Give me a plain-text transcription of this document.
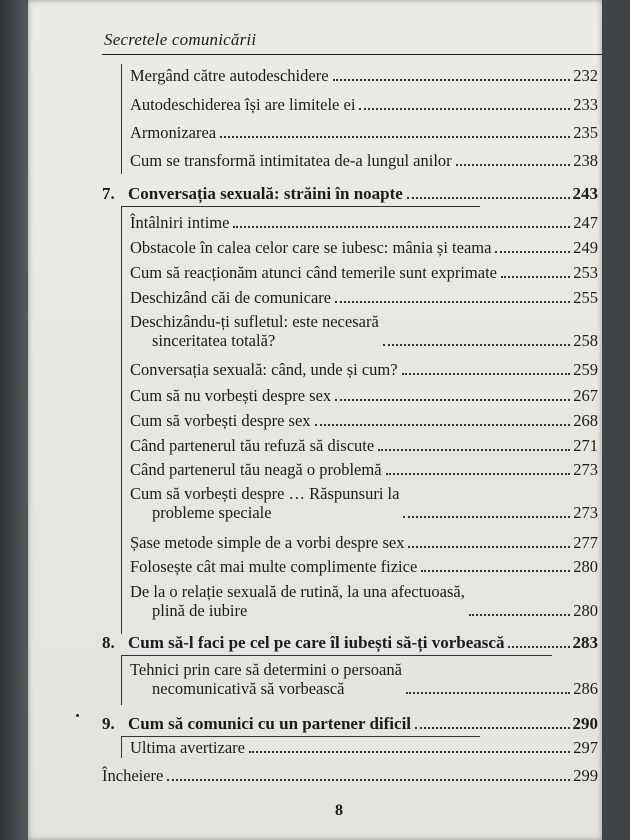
Secretele comunicării
Mergând către autodeschidere	232
Autodeschiderea își are limitele ei	233
Armonizarea	235
Cum se transformă intimitatea de-a lungul anilor	238
7. Conversația sexuală: străini în noapte	243
Întâlniri intime	247
Obstacole în calea celor care se iubesc: mânia și teama	249
Cum să reacționăm atunci când temerile sunt exprimate	253
Deschizând căi de comunicare	255
Deschizându-ți sufletul: este necesară
sinceritatea totală?	258
Conversația sexuală: când, unde și cum?	259
Cum să nu vorbești despre sex	267
Cum să vorbești despre sex	268
Când partenerul tău refuză să discute	271
Când partenerul tău neagă o problemă	273
Cum să vorbești despre … Răspunsuri la
probleme speciale	273
Șase metode simple de a vorbi despre sex	277
Folosește cât mai multe complimente fizice	280
De la o relație sexuală de rutină, la una afectuoasă,
plină de iubire	280
8. Cum să-l faci pe cel pe care îl iubești să-ți vorbească	283
Tehnici prin care să determini o persoană
necomunicativă să vorbească	286
9. Cum să comunici cu un partener dificil	290
Ultima avertizare	297
Încheiere	299
8
